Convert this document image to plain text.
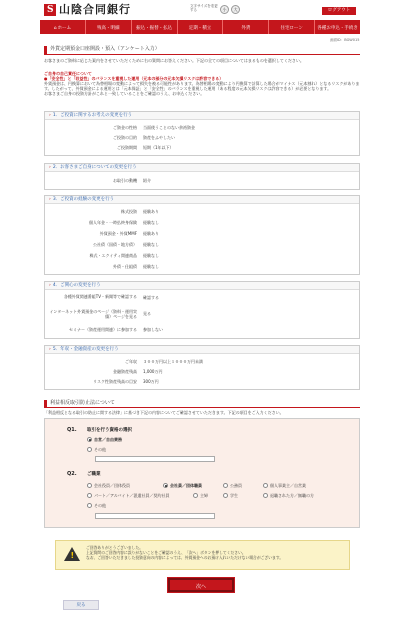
S 山陰合同銀行	文字サイズを変更する	小	大	ログアウト
⌂ ホーム	残高・明細	振込・振替・払込	定期・積立	外貨	住宅ローン	各種お申込・手続き
画面ID：BGW015
外貨定期預金口座開設・預入（アンケート入力）
お客さまのご資料に応じた案内をさせていただくために右の質問にお答えください。下記の全ての項目についてはまるものを選択してください。
ご自身の自己責任について
●「安全性」と「収益性」のバランスを重視した運用（元本の部分の元本欠損リスクは許容できる）
外貨預金は、円換算において為替相場の変動によって損失を被る可能性があります。為替相場の変動により円換算で計算した場合がマイナス（元本割れ）となるリスクがあります。したがって、外貨預金による運用とは「元本保証」と「安全性」のバランスを重視した運用（ある程度の元本欠損リスクは許容できる）が必要となります。
お客さまご自身の投資方針がこれと一致していることをご確認のうえ、お申込ください。
› 1．ご投資に関するお考えの変更を行う
ご資金の性格 当面使うことのない余裕資金
ご投資の目的 資産をふやしたい
ご投資期間 短期（1年以下）
› 2．お客さまご自身についての変更を行う
お取引の動機 紹介
› 3．ご投資の経験の変更を行う
株式投資 経験あり
個人年金・一時払終身保険 経験なし
外貨預金・外貨MMF 経験あり
公社債（国債・地方債） 経験なし
株式・エクイティ関連商品 経験なし
外債・仕組債 経験なし
› 4．ご関心の変更を行う
各種外貨関連番組TV・新聞等で確認する 確認する
インターネット外貨預金のページ（資料・運用実績）ページを見る
見る
セミナー（資産運用関連）に参加する 参加しない
› 5．年収・金融資産の変更を行う
ご年収 ３００万円以上１０００万円未満
金融資産残高 1,000万円
リスク性資産残高の目安 300万円
利益相反取引防止法について
「利益相反となる取引の防止に関する法律」に基づき下記の内容についてご確認させていただきます。下記の項目をご入力ください。
Q1. 取引を行う資格の選択
自営／自由業務
その他
Q2. ご職業
会社役員／団体役員	会社員／団体職員	公務員	個人事業主／自営業
パート／アルバイト／派遣社員／契約社員	主婦	学生	退職された方／無職の方
その他
!
ご回答ありがとうございました。
上記質問のご回答内容に誤りがないことをご確認のうえ、「次へ」ボタンを押してください。
なお、ご回答いただきました投資意向の内容によっては、外貨預金へのお預け入れいただけない場合がございます。
次へ
戻る
